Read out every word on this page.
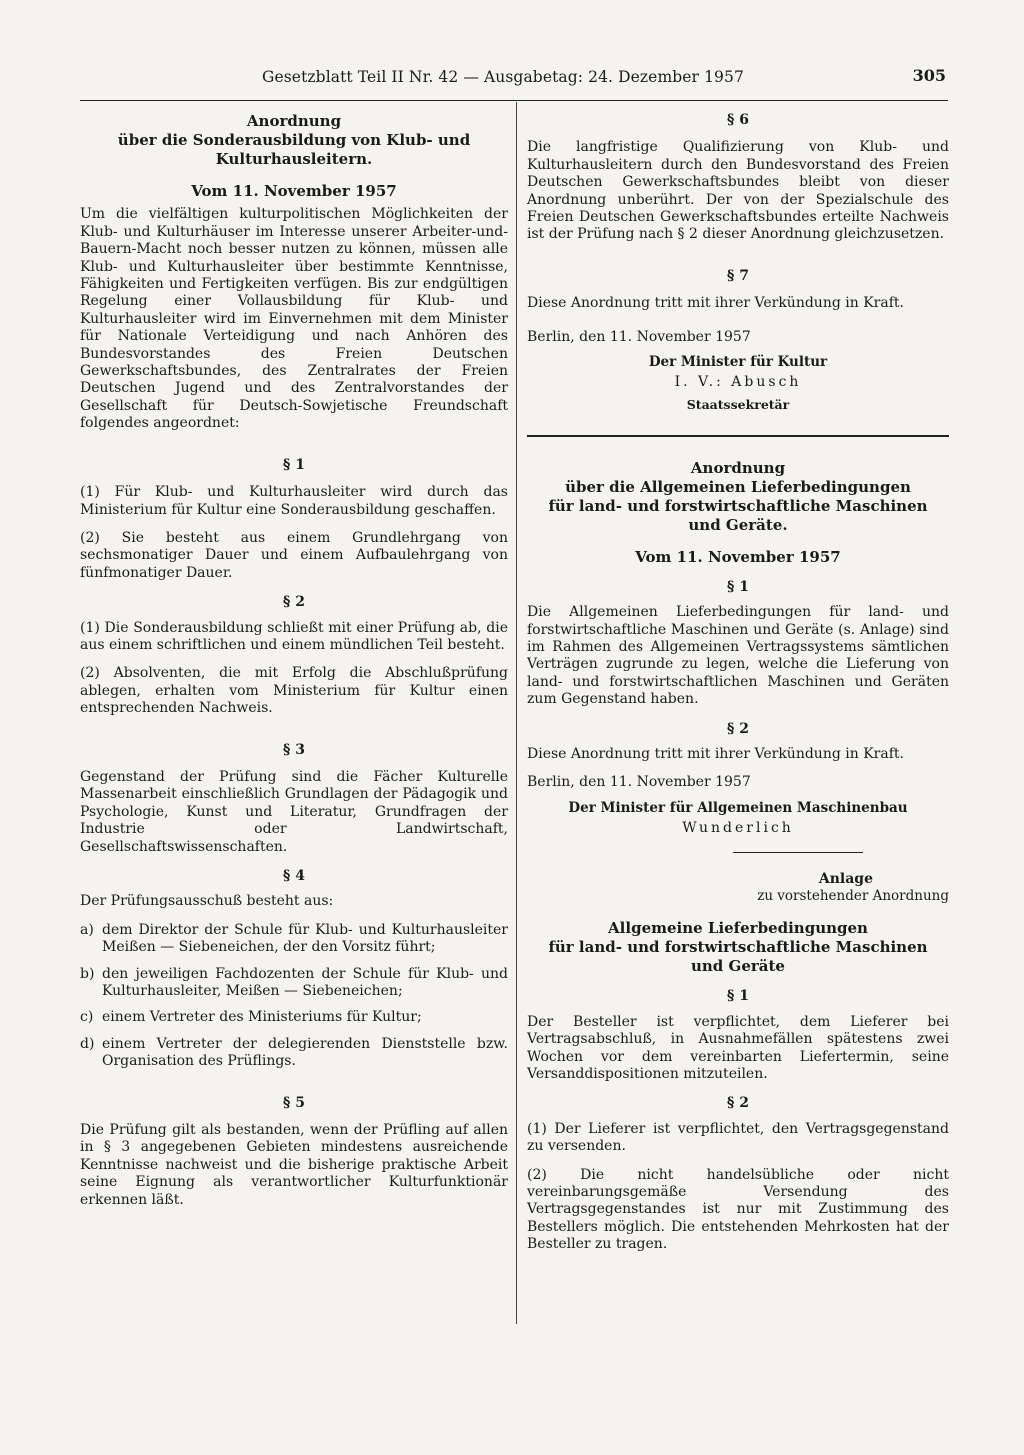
Gesetzblatt Teil II Nr. 42 — Ausgabetag: 24. Dezember 1957	305
Anordnung
über die Sonderausbildung von Klub- und
Kulturhausleitern.
Vom 11. November 1957

Um die vielfältigen kulturpolitischen Möglichkeiten der Klub- und Kulturhäuser im Interesse unserer Arbeiter-und-Bauern-Macht noch besser nutzen zu können, müssen alle Klub- und Kulturhausleiter über bestimmte Kenntnisse, Fähigkeiten und Fertigkeiten verfügen. Bis zur endgültigen Regelung einer Vollausbildung für Klub- und Kulturhausleiter wird im Einvernehmen mit dem Minister für Nationale Verteidigung und nach Anhören des Bundesvorstandes des Freien Deutschen Gewerkschaftsbundes, des Zentralrates der Freien Deutschen Jugend und des Zentralvorstandes der Gesellschaft für Deutsch-Sowjetische Freundschaft folgendes angeordnet:

§ 1

(1) Für Klub- und Kulturhausleiter wird durch das Ministerium für Kultur eine Sonderausbildung geschaffen.

(2) Sie besteht aus einem Grundlehrgang von sechsmonatiger Dauer und einem Aufbaulehrgang von fünfmonatiger Dauer.

§ 2

(1) Die Sonderausbildung schließt mit einer Prüfung ab, die aus einem schriftlichen und einem mündlichen Teil besteht.

(2) Absolventen, die mit Erfolg die Abschlußprüfung ablegen, erhalten vom Ministerium für Kultur einen entsprechenden Nachweis.

§ 3

Gegenstand der Prüfung sind die Fächer Kulturelle Massenarbeit einschließlich Grundlagen der Pädagogik und Psychologie, Kunst und Literatur, Grundfragen der Industrie oder Landwirtschaft, Gesellschaftswissenschaften.

§ 4

Der Prüfungsausschuß besteht aus:

a) dem Direktor der Schule für Klub- und Kulturhausleiter Meißen — Siebeneichen, der den Vorsitz führt;
b) den jeweiligen Fachdozenten der Schule für Klub- und Kulturhausleiter, Meißen — Siebeneichen;
c) einem Vertreter des Ministeriums für Kultur;
d) einem Vertreter der delegierenden Dienststelle bzw. Organisation des Prüflings.
§ 5

Die Prüfung gilt als bestanden, wenn der Prüfling auf allen in § 3 angegebenen Gebieten mindestens ausreichende Kenntnisse nachweist und die bisherige praktische Arbeit seine Eignung als verantwortlicher Kulturfunktionär erkennen läßt.

§ 6

Die langfristige Qualifizierung von Klub- und Kulturhausleitern durch den Bundesvorstand des Freien Deutschen Gewerkschaftsbundes bleibt von dieser Anordnung unberührt. Der von der Spezialschule des Freien Deutschen Gewerkschaftsbundes erteilte Nachweis ist der Prüfung nach § 2 dieser Anordnung gleichzusetzen.

§ 7

Diese Anordnung tritt mit ihrer Verkündung in Kraft.

Berlin, den 11. November 1957
Der Minister für Kultur
I. V.: Abusch
Staatssekretär
Anordnung
über die Allgemeinen Lieferbedingungen
für land- und forstwirtschaftliche Maschinen
und Geräte.
Vom 11. November 1957
§ 1

Die Allgemeinen Lieferbedingungen für land- und forstwirtschaftliche Maschinen und Geräte (s. Anlage) sind im Rahmen des Allgemeinen Vertragssystems sämtlichen Verträgen zugrunde zu legen, welche die Lieferung von land- und forstwirtschaftlichen Maschinen und Geräten zum Gegenstand haben.

§ 2

Diese Anordnung tritt mit ihrer Verkündung in Kraft.

Berlin, den 11. November 1957
Der Minister für Allgemeinen Maschinenbau
Wunderlich
Anlage
zu vorstehender Anordnung
Allgemeine Lieferbedingungen
für land- und forstwirtschaftliche Maschinen
und Geräte
§ 1

Der Besteller ist verpflichtet, dem Lieferer bei Vertragsabschluß, in Ausnahmefällen spätestens zwei Wochen vor dem vereinbarten Liefertermin, seine Versanddispositionen mitzuteilen.

§ 2

(1) Der Lieferer ist verpflichtet, den Vertragsgegenstand zu versenden.

(2) Die nicht handelsübliche oder nicht vereinbarungsgemäße Versendung des Vertragsgegenstandes ist nur mit Zustimmung des Bestellers möglich. Die entstehenden Mehrkosten hat der Besteller zu tragen.
